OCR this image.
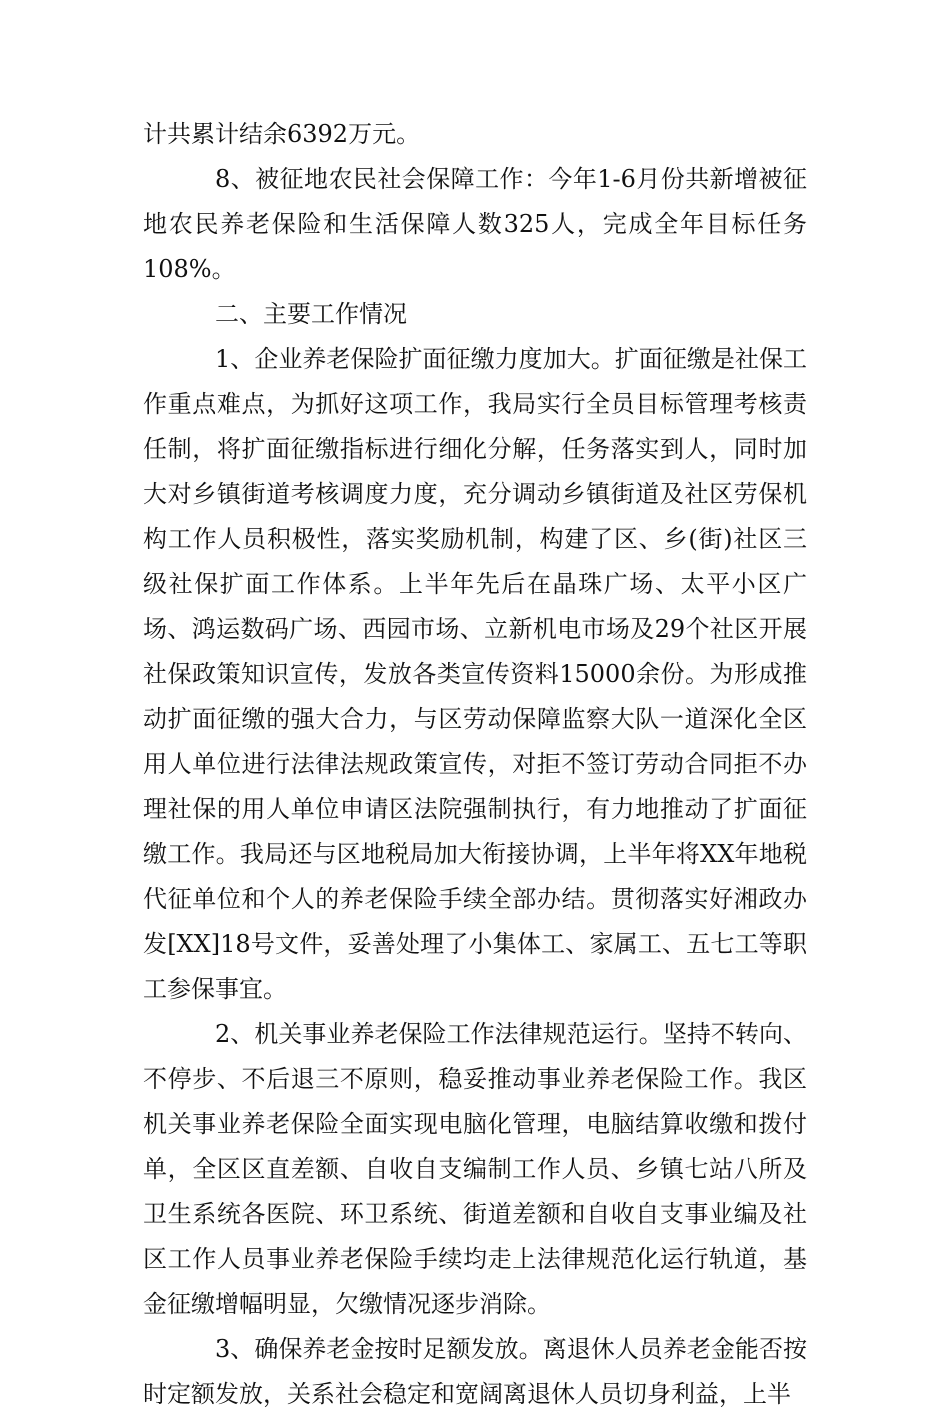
计共累计结余6392万元。

8、被征地农民社会保障工作：今年1-6月份共新增被征地农民养老保险和生活保障人数325人，完成全年目标任务108%。

二、主要工作情况

1、企业养老保险扩面征缴力度加大。扩面征缴是社保工作重点难点，为抓好这项工作，我局实行全员目标管理考核责任制，将扩面征缴指标进行细化分解，任务落实到人，同时加大对乡镇街道考核调度力度，充分调动乡镇街道及社区劳保机构工作人员积极性，落实奖励机制，构建了区、乡(街)社区三级社保扩面工作体系。上半年先后在晶珠广场、太平小区广场、鸿运数码广场、西园市场、立新机电市场及29个社区开展社保政策知识宣传，发放各类宣传资料15000余份。为形成推动扩面征缴的强大合力，与区劳动保障监察大队一道深化全区用人单位进行法律法规政策宣传，对拒不签订劳动合同拒不办理社保的用人单位申请区法院强制执行，有力地推动了扩面征缴工作。我局还与区地税局加大衔接协调，上半年将XX年地税代征单位和个人的养老保险手续全部办结。贯彻落实好湘政办发[XX]18号文件，妥善处理了小集体工、家属工、五七工等职工参保事宜。

2、机关事业养老保险工作法律规范运行。坚持不转向、不停步、不后退三不原则，稳妥推动事业养老保险工作。我区机关事业养老保险全面实现电脑化管理，电脑结算收缴和拨付单，全区区直差额、自收自支编制工作人员、乡镇七站八所及卫生系统各医院、环卫系统、街道差额和自收自支事业编及社区工作人员事业养老保险手续均走上法律规范化运行轨道，基金征缴增幅明显，欠缴情况逐步消除。

3、确保养老金按时足额发放。离退休人员养老金能否按时定额发放，关系社会稳定和宽阔离退休人员切身利益，上半
